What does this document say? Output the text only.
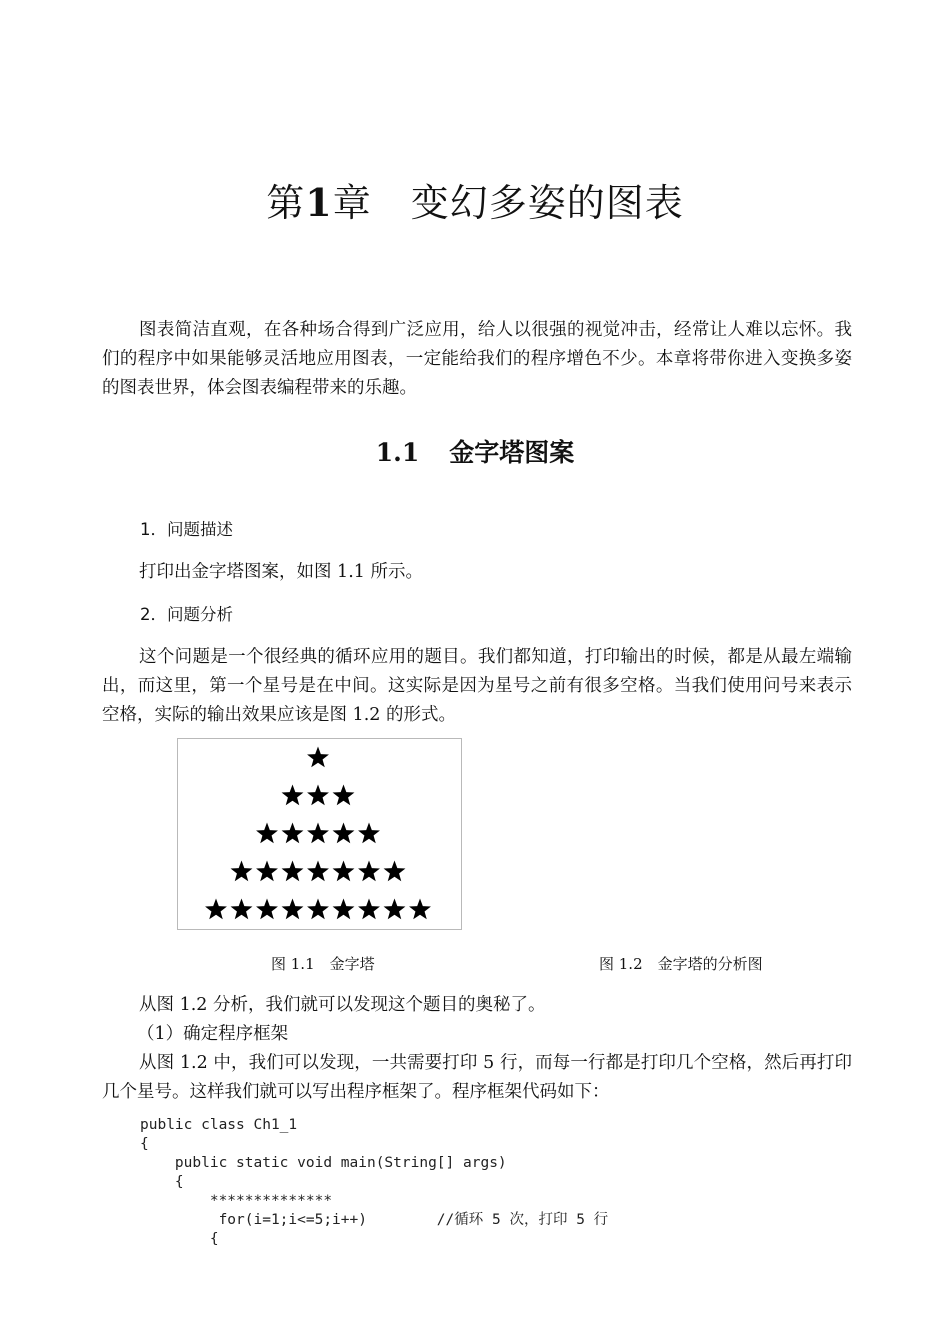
第1章　 变幻多姿的图表

图表简洁直观，在各种场合得到广泛应用，给人以很强的视觉冲击，经常让人难以忘怀。我们的程序中如果能够灵活地应用图表，一定能给我们的程序增色不少。本章将带你进入变换多姿的图表世界，体会图表编程带来的乐趣。

1.1 金字塔图案

1．问题描述

打印出金字塔图案，如图 1.1 所示。

2．问题分析

这个问题是一个很经典的循环应用的题目。我们都知道，打印输出的时候，都是从最左端输出，而这里，第一个星号是在中间。这实际是因为星号之前有很多空格。当我们使用问号来表示空格，实际的输出效果应该是图 1.2 的形式。

图 1.1　金字塔	图 1.2　金字塔的分析图

从图 1.2 分析，我们就可以发现这个题目的奥秘了。

（1）确定程序框架

从图 1.2 中，我们可以发现，一共需要打印 5 行，而每一行都是打印几个空格，然后再打印几个星号。这样我们就可以写出程序框架了。程序框架代码如下：

public class Ch1_1
{
public static void main(String[] args)
{
**************
for(i=1;i<=5;i++)        //循环 5 次，打印 5 行
{
